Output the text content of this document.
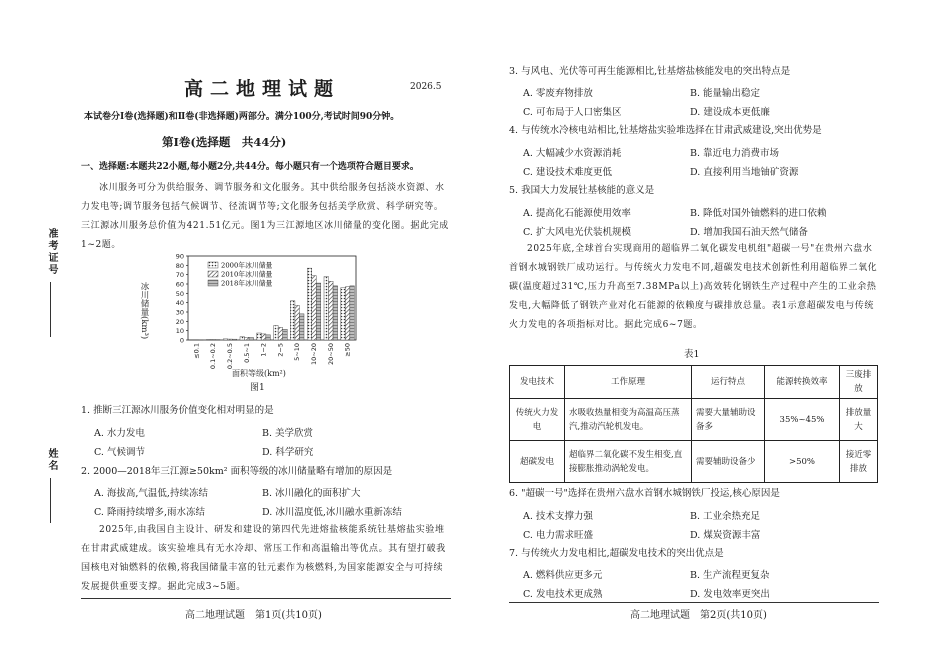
准考证号
姓名
高二地理试题	2026.5
本试卷分Ⅰ卷(选择题)和Ⅱ卷(非选择题)两部分。满分100分,考试时间90分钟。
第Ⅰ卷(选择题　共44分)
一、选择题:本题共22小题,每小题2分,共44分。每小题只有一个选项符合题目要求。
冰川服务可分为供给服务、调节服务和文化服务。其中供给服务包括淡水资源、水力发电等;调节服务包括气候调节、径流调节等;文化服务包括美学欣赏、科学研究等。三江源冰川服务总价值为421.51亿元。图1为三江源地区冰川储量的变化图。据此完成1~2题。
0
10
20
30
40
50
60
70
80
90
≤0.1 0.1~0.2 0.2~0.5 0.5~1 1~2 2~5 5~10 10~20 20~50 ≥50
2000年冰川储量
2010年冰川储量
2018年冰川储量
冰川储量(km³)
面积等级(km²)
图1
1. 推断三江源冰川服务价值变化相对明显的是
A. 水力发电	B. 美学欣赏
C. 气候调节	D. 科学研究
2. 2000—2018年三江源≥50km² 面积等级的冰川储量略有增加的原因是
A. 海拔高,气温低,持续冻结	B. 冰川融化的面积扩大
C. 降雨持续增多,雨水冻结	D. 冰川温度低,冰川融水重新冻结
2025年,由我国自主设计、研发和建设的第四代先进熔盐核能系统钍基熔盐实验堆在甘肃武威建成。该实验堆具有无水冷却、常压工作和高温输出等优点。其有望打破我国核电对铀燃料的依赖,将我国储量丰富的钍元素作为核燃料,为国家能源安全与可持续发展提供重要支撑。据此完成3~5题。
高二地理试题　第1页(共10页)
3. 与风电、光伏等可再生能源相比,钍基熔盐核能发电的突出特点是
A. 零废弃物排放	B. 能量输出稳定
C. 可布局于人口密集区	D. 建设成本更低廉
4. 与传统水冷核电站相比,钍基熔盐实验堆选择在甘肃武威建设,突出优势是
A. 大幅减少水资源消耗	B. 靠近电力消费市场
C. 建设技术难度更低	D. 直接利用当地铀矿资源
5. 我国大力发展钍基核能的意义是
A. 提高化石能源使用效率	B. 降低对国外铀燃料的进口依赖
C. 扩大风电光伏装机规模	D. 增加我国石油天然气储备
2025年底,全球首台实现商用的超临界二氧化碳发电机组"超碳一号"在贵州六盘水首钢水城钢铁厂成功运行。与传统火力发电不同,超碳发电技术创新性利用超临界二氧化碳(温度超过31℃,压力升高至7.38MPa以上)高效转化钢铁生产过程中产生的工业余热发电,大幅降低了钢铁产业对化石能源的依赖度与碳排放总量。表1示意超碳发电与传统火力发电的各项指标对比。据此完成6~7题。
表1
发电技术	工作原理	运行特点	能源转换效率	三废排放
传统火力发电	水吸收热量相变为高温高压蒸汽,推动汽轮机发电。	需要大量辅助设备多	35%~45%	排放量大
超碳发电	超临界二氧化碳不发生相变,直接膨胀推动涡轮发电。	需要辅助设备少	>50%	接近零排放
6. "超碳一号"选择在贵州六盘水首钢水城钢铁厂投运,核心原因是
A. 技术支撑力强	B. 工业余热充足
C. 电力需求旺盛	D. 煤炭资源丰富
7. 与传统火力发电相比,超碳发电技术的突出优点是
A. 燃料供应更多元	B. 生产流程更复杂
C. 发电技术更成熟	D. 发电效率更突出
高二地理试题　第2页(共10页)
